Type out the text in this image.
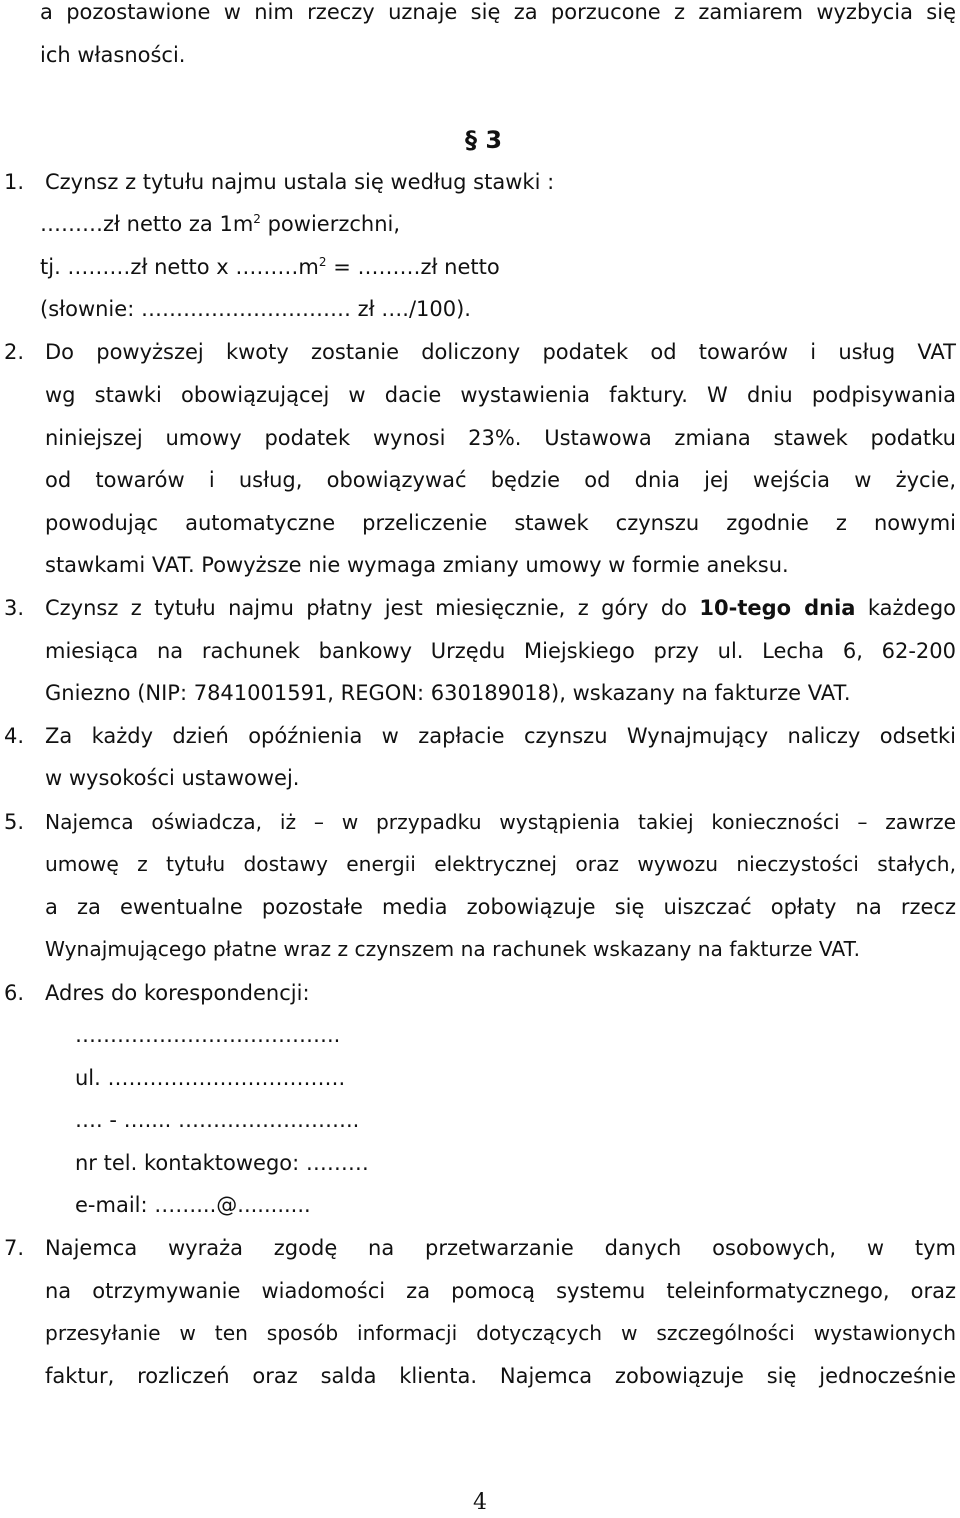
a pozostawione w nim rzeczy uznaje się za porzucone z zamiarem wyzbycia się
ich własności.
§ 3
1. Czynsz z tytułu najmu ustala się według stawki :
………zł netto za $1m^2$ powierzchni,
tj. ………zł netto x $\dots\dots\dots m^2$ = ………zł netto
(słownie: ………………………… zł …./100).
2. Do powyższej kwoty zostanie doliczony podatek od towarów i usług VAT
wg stawki obowiązującej w dacie wystawienia faktury. W dniu podpisywania
niniejszej umowy podatek wynosi 23%. Ustawowa zmiana stawek podatku
od towarów i usług, obowiązywać będzie od dnia jej wejścia w życie,
powodując automatyczne przeliczenie stawek czynszu zgodnie z nowymi
stawkami VAT. Powyższe nie wymaga zmiany umowy w formie aneksu.
3. Czynsz z tytułu najmu płatny jest miesięcznie, z góry do 10-tego dnia każdego
miesiąca na rachunek bankowy Urzędu Miejskiego przy ul. Lecha 6, 62-200
Gniezno (NIP: 7841001591, REGON: 630189018), wskazany na fakturze VAT.
4. Za każdy dzień opóźnienia w zapłacie czynszu Wynajmujący naliczy odsetki
w wysokości ustawowej.
5. Najemca oświadcza, iż – w przypadku wystąpienia takiej konieczności – zawrze
umowę z tytułu dostawy energii elektrycznej oraz wywozu nieczystości stałych,
a za ewentualne pozostałe media zobowiązuje się uiszczać opłaty na rzecz
Wynajmującego płatne wraz z czynszem na rachunek wskazany na fakturze VAT.
6. Adres do korespondencji:
………………………………..
ul. …………………………….
…. - ….... ……………………..
nr tel. kontaktowego: ………
e-mail: ……...@...........
7. Najemca wyraża zgodę na przetwarzanie danych osobowych, w tym
na otrzymywanie wiadomości za pomocą systemu teleinformatycznego, oraz
przesyłanie w ten sposób informacji dotyczących w szczególności wystawionych
faktur, rozliczeń oraz salda klienta. Najemca zobowiązuje się jednocześnie
4
